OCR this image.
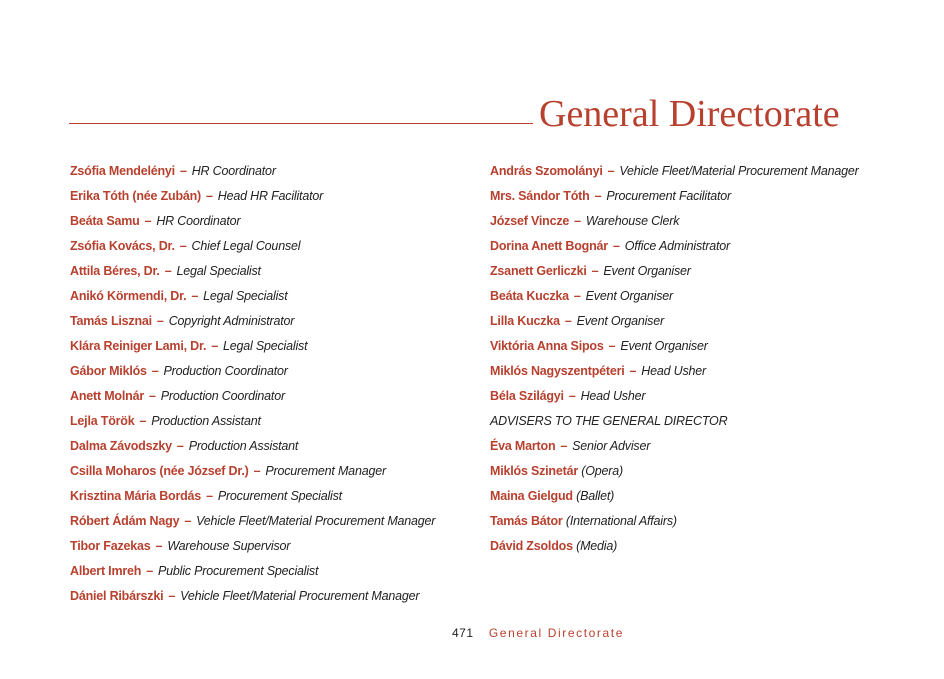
General Directorate
Zsófia Mendelényi – HR Coordinator
Erika Tóth (née Zubán) – Head HR Facilitator
Beáta Samu – HR Coordinator
Zsófia Kovács, Dr. – Chief Legal Counsel
Attila Béres, Dr. – Legal Specialist
Anikó Körmendi, Dr. – Legal Specialist
Tamás Lisznai – Copyright Administrator
Klára Reiniger Lami, Dr. – Legal Specialist
Gábor Miklós – Production Coordinator
Anett Molnár – Production Coordinator
Lejla Török – Production Assistant
Dalma Závodszky – Production Assistant
Csilla Moharos (née József Dr.) – Procurement Manager
Krisztina Mária Bordás – Procurement Specialist
Róbert Ádám Nagy – Vehicle Fleet/Material Procurement Manager
Tibor Fazekas – Warehouse Supervisor
Albert Imreh – Public Procurement Specialist
Dániel Ribárszki – Vehicle Fleet/Material Procurement Manager
András Szomolányi – Vehicle Fleet/Material Procurement Manager
Mrs. Sándor Tóth – Procurement Facilitator
József Vincze – Warehouse Clerk
Dorina Anett Bognár – Office Administrator
Zsanett Gerliczki – Event Organiser
Beáta Kuczka – Event Organiser
Lilla Kuczka – Event Organiser
Viktória Anna Sipos – Event Organiser
Miklós Nagyszentpéteri – Head Usher
Béla Szilágyi – Head Usher
ADVISERS TO THE GENERAL DIRECTOR
Éva Marton – Senior Adviser
Miklós Szinetár (Opera)
Maina Gielgud (Ballet)
Tamás Bátor (International Affairs)
Dávid Zsoldos (Media)
471 General Directorate
